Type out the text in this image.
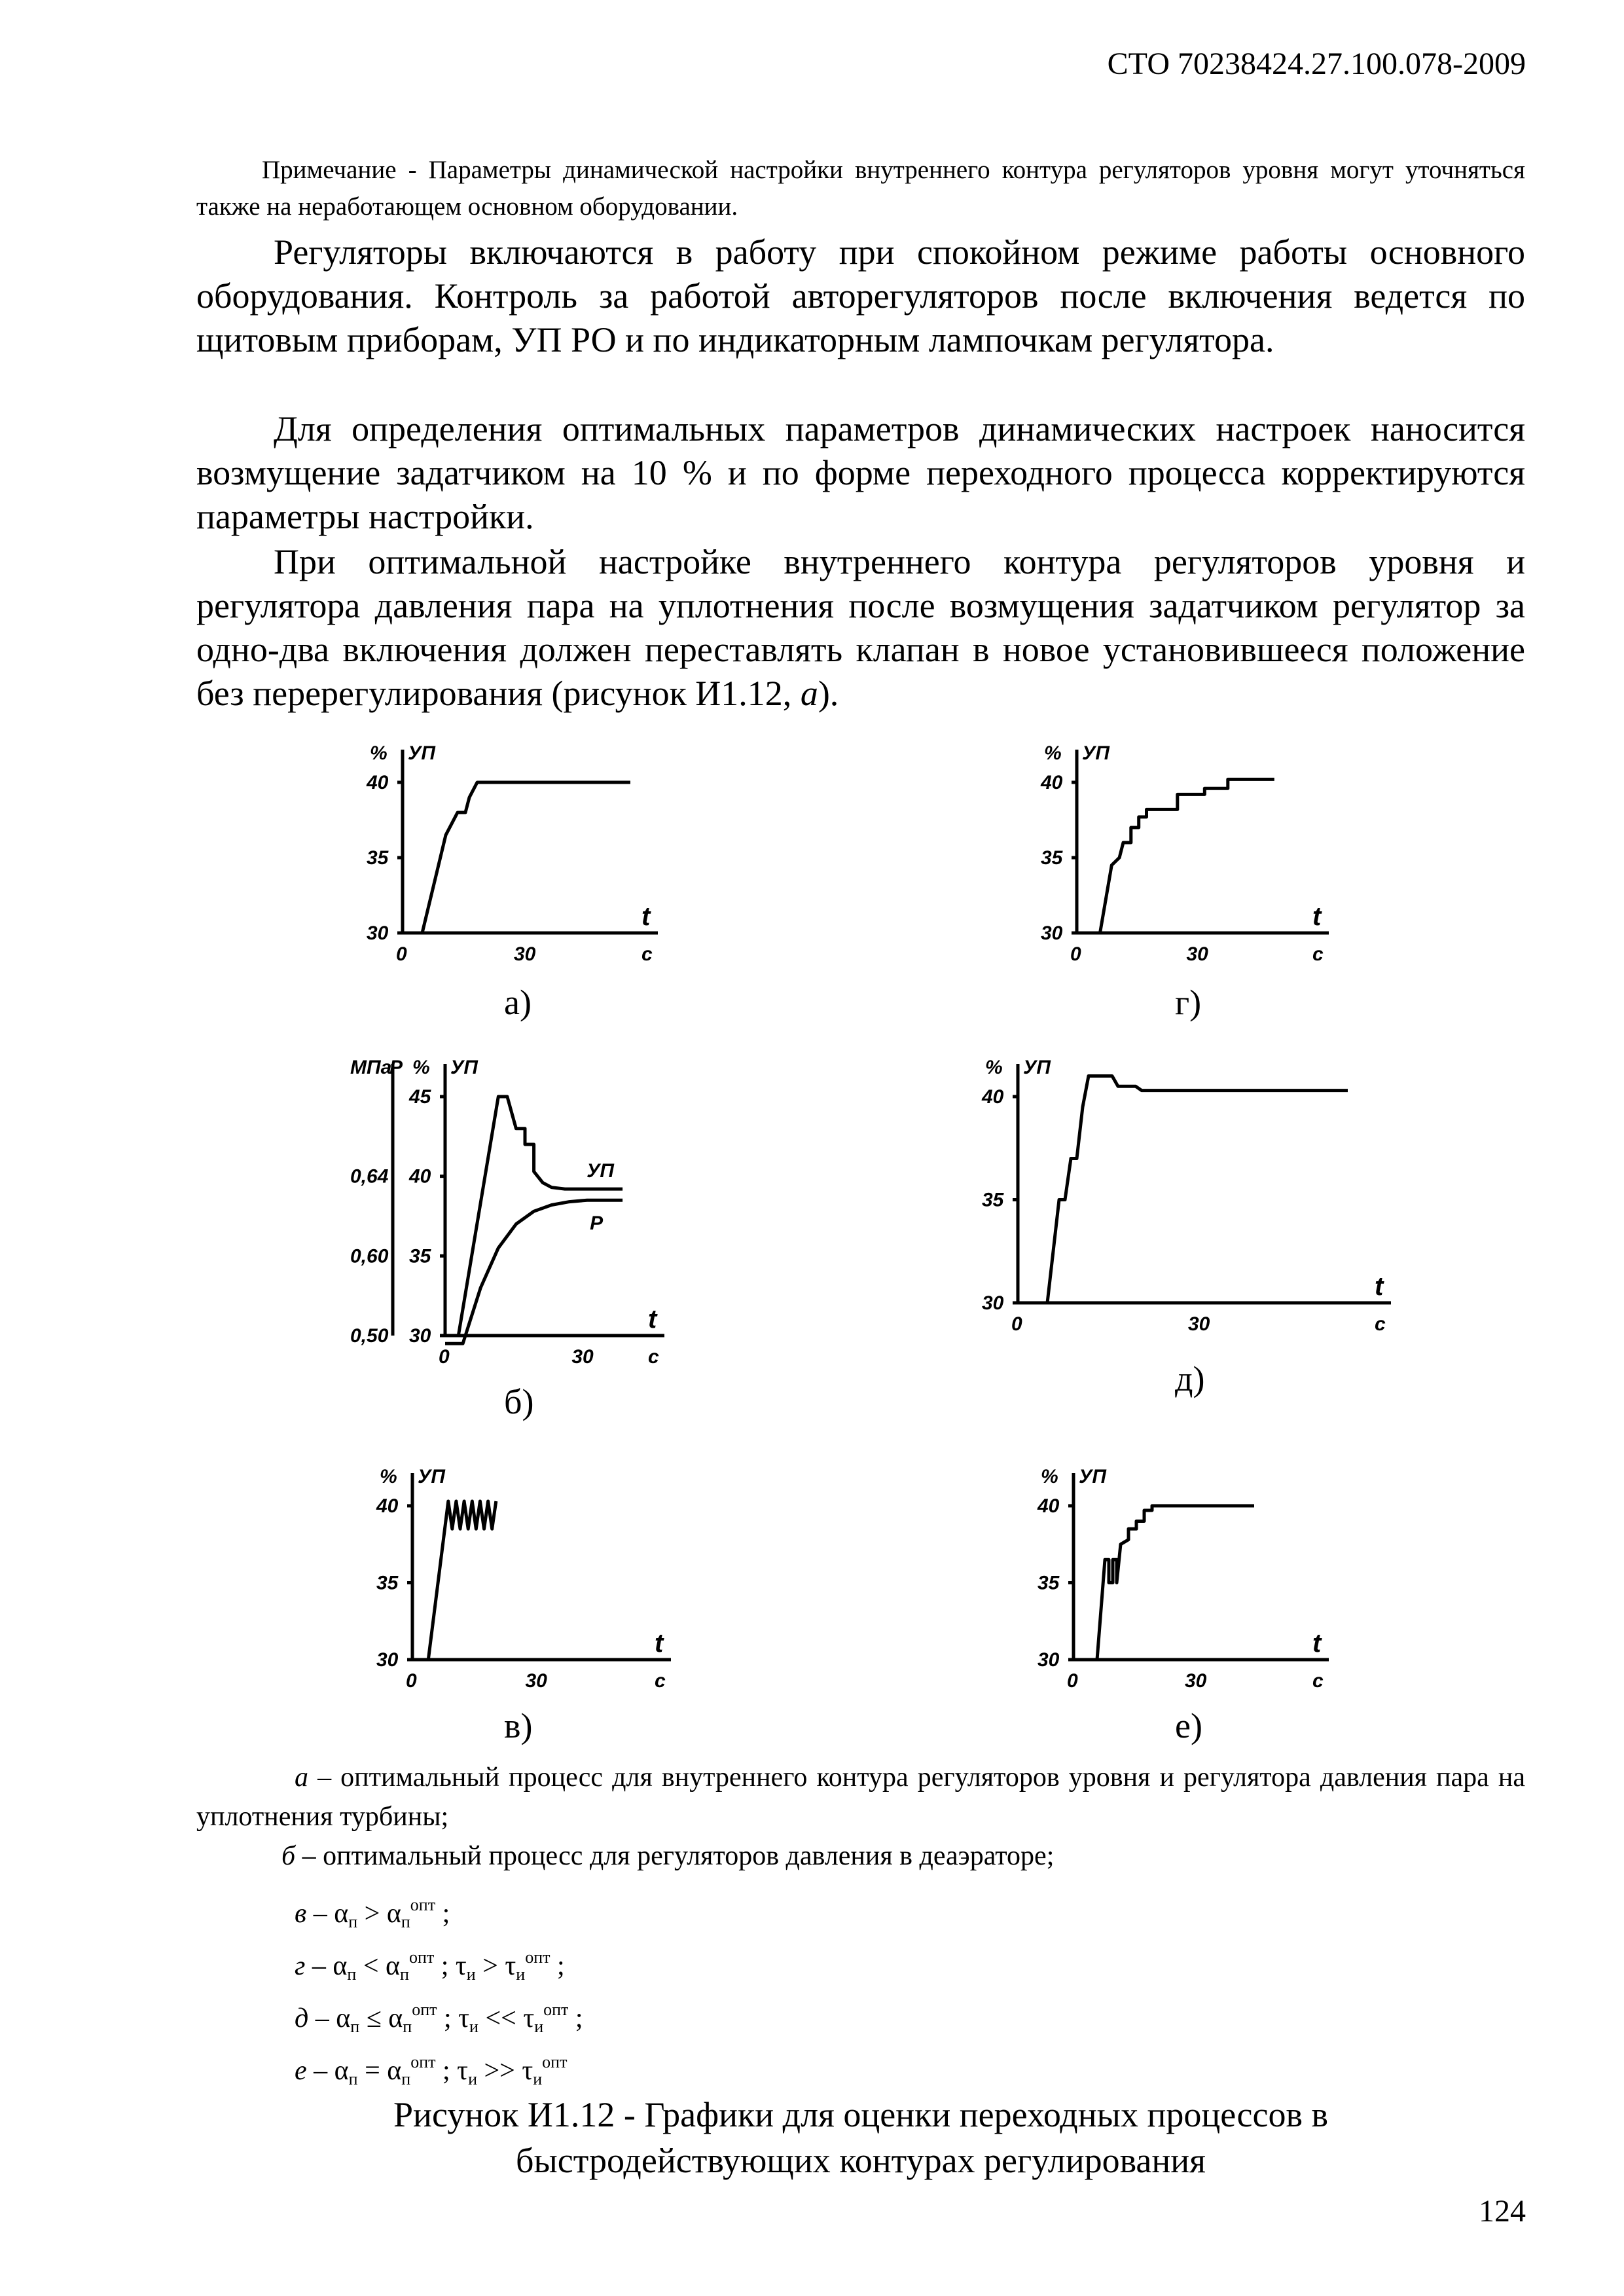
СТО 70238424.27.100.078-2009
Примечание - Параметры динамической настройки внутреннего контура регуляторов уровня могут уточняться также на неработающем основном оборудовании.

Регуляторы включаются в работу при спокойном режиме работы основного оборудования. Контроль за работой авторегуляторов после включения ведется по щитовым приборам, УП РО и по индикаторным лампочкам регулятора.

Для определения оптимальных параметров динамических настроек наносится возмущение задатчиком на 10 % и по форме переходного процесса корректируются параметры настройки.

При оптимальной настройке внутреннего контура регуляторов уровня и регулятора давления пара на уплотнения после возмущения задатчиком регулятор за одно-два включения должен переставлять клапан в новое установившееся положение без перерегулирования (рисунок И1.12, а).

% УП
30
35
40
0	30
t
с
% УП
30
35
40
0	30
t
с
% УП
МПа
P
30
35
40
45
0,50
0,60
0,64
0	30
t
с
УП
P
% УП
30
35
40
0	30
t
с
% УП
30
35
40
0	30
t
с
% УП
30
35
40
0	30
t
с
а)	г)
б)
д)
в)	е)
а – оптимальный процесс для внутреннего контура регуляторов уровня и регулятора давления пара на уплотнения турбины;
б – оптимальный процесс для регуляторов давления в деаэраторе;
$в - \alpha_п > \alpha_п^{опт}$ ;
$г - \alpha_п < \alpha_п^{опт}$ ; $\tau_и > \tau_и^{опт}$ ;
$д - \alpha_п \le \alpha_п^{опт}$ ; $\tau_и << \tau_и^{опт}$ ;
$е - \alpha_п = \alpha_п^{опт}$ ; $\tau_и >> \tau_и^{опт}$
Рисунок И1.12 - Графики для оценки переходных процессов в
быстродействующих контурах регулирования
124
